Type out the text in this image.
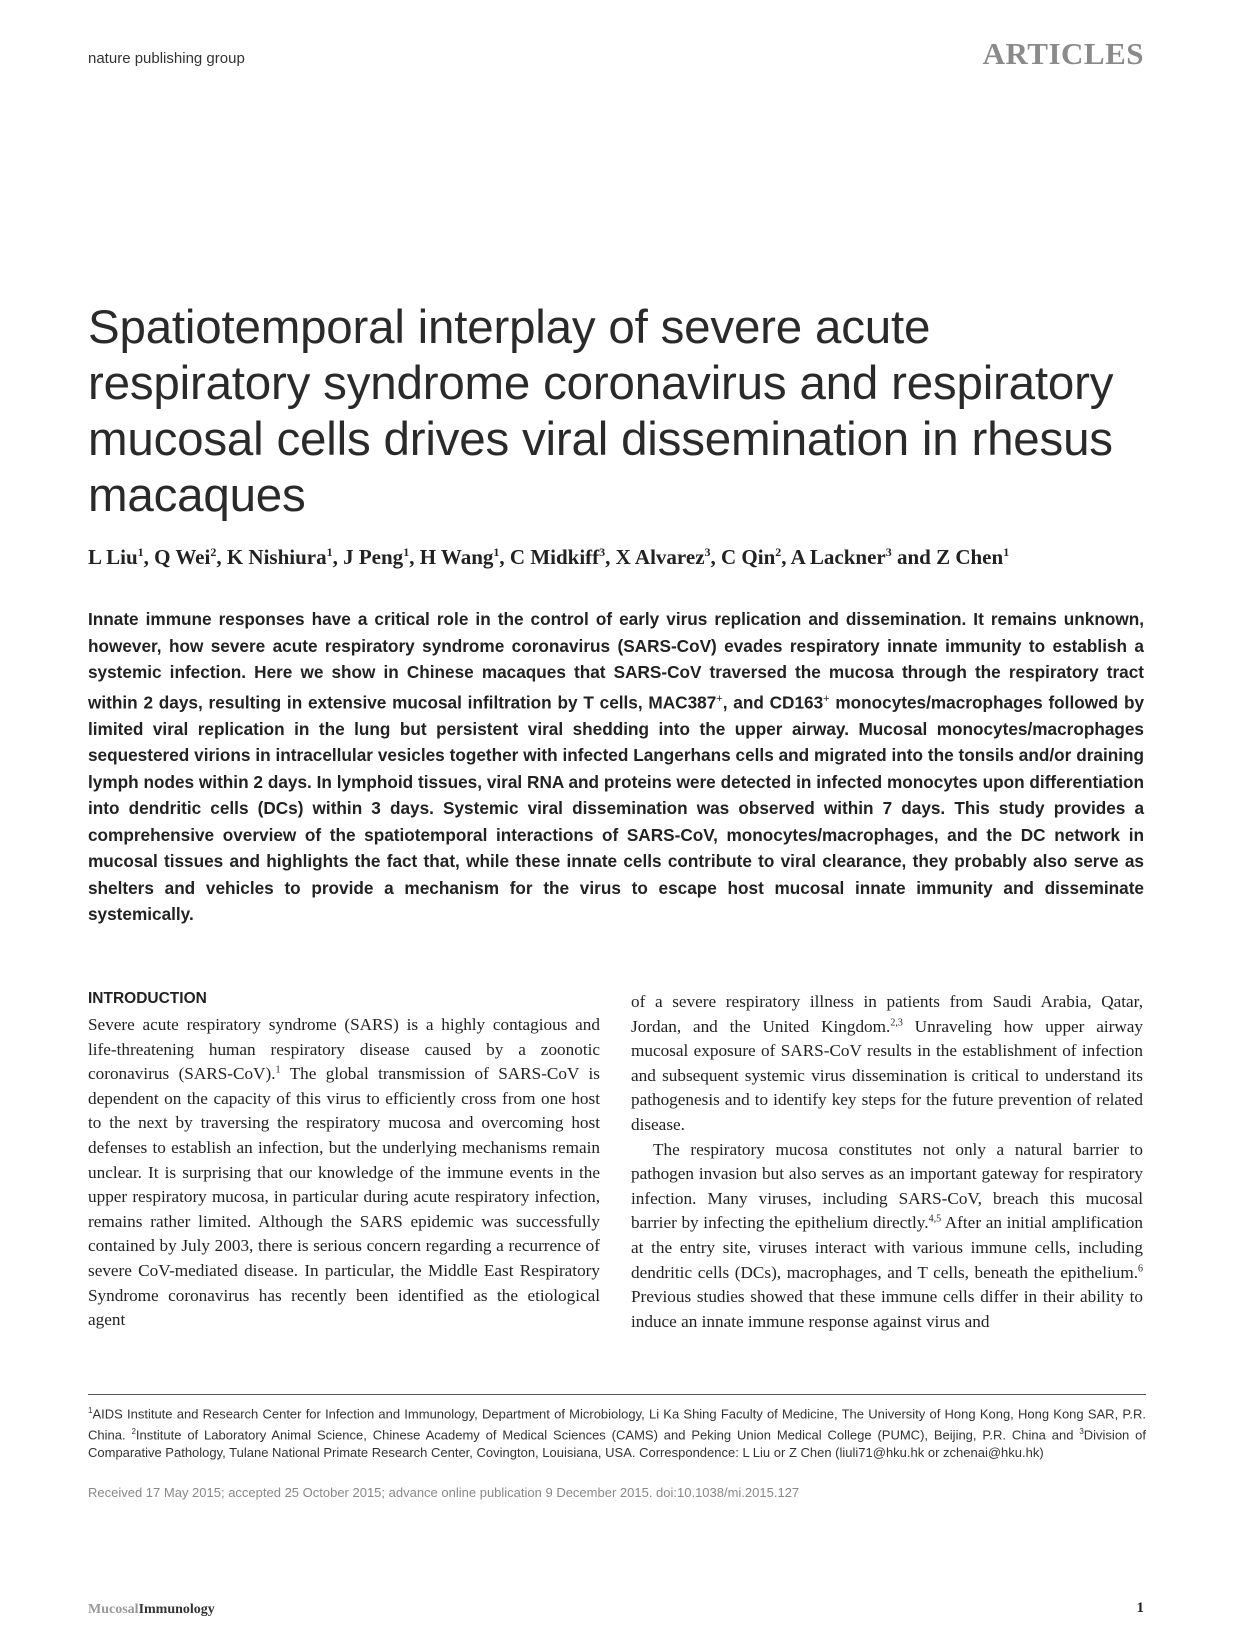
nature publishing group	ARTICLES
Spatiotemporal interplay of severe acute respiratory syndrome coronavirus and respiratory mucosal cells drives viral dissemination in rhesus macaques
L Liu$^1$, Q Wei$^2$, K Nishiura$^1$, J Peng$^1$, H Wang$^1$, C Midkiff$^3$, X Alvarez$^3$, C Qin$^2$, A Lackner$^3$ and Z Chen$^1$

Innate immune responses have a critical role in the control of early virus replication and dissemination. It remains unknown, however, how severe acute respiratory syndrome coronavirus (SARS-CoV) evades respiratory innate immunity to establish a systemic infection. Here we show in Chinese macaques that SARS-CoV traversed the mucosa through the respiratory tract within 2 days, resulting in extensive mucosal infiltration by T cells, MAC387+, and CD163+ monocytes/macrophages followed by limited viral replication in the lung but persistent viral shedding into the upper airway. Mucosal monocytes/macrophages sequestered virions in intracellular vesicles together with infected Langerhans cells and migrated into the tonsils and/or draining lymph nodes within 2 days. In lymphoid tissues, viral RNA and proteins were detected in infected monocytes upon differentiation into dendritic cells (DCs) within 3 days. Systemic viral dissemination was observed within 7 days. This study provides a comprehensive overview of the spatiotemporal interactions of SARS-CoV, monocytes/macrophages, and the DC network in mucosal tissues and highlights the fact that, while these innate cells contribute to viral clearance, they probably also serve as shelters and vehicles to provide a mechanism for the virus to escape host mucosal innate immunity and disseminate systemically.

INTRODUCTION

Severe acute respiratory syndrome (SARS) is a highly contagious and life-threatening human respiratory disease caused by a zoonotic coronavirus (SARS-CoV).$^1$ The global transmission of SARS-CoV is dependent on the capacity of this virus to efficiently cross from one host to the next by traversing the respiratory mucosa and overcoming host defenses to establish an infection, but the underlying mechanisms remain unclear. It is surprising that our knowledge of the immune events in the upper respiratory mucosa, in particular during acute respiratory infection, remains rather limited. Although the SARS epidemic was successfully contained by July 2003, there is serious concern regarding a recurrence of severe CoV-mediated disease. In particular, the Middle East Respiratory Syndrome coronavirus has recently been identified as the etiological agent

of a severe respiratory illness in patients from Saudi Arabia, Qatar, Jordan, and the United Kingdom.$^{2,3}$ Unraveling how upper airway mucosal exposure of SARS-CoV results in the establishment of infection and subsequent systemic virus dissemination is critical to understand its pathogenesis and to identify key steps for the future prevention of related disease.

The respiratory mucosa constitutes not only a natural barrier to pathogen invasion but also serves as an important gateway for respiratory infection. Many viruses, including SARS-CoV, breach this mucosal barrier by infecting the epithelium directly.$^{4,5}$ After an initial amplification at the entry site, viruses interact with various immune cells, including dendritic cells (DCs), macrophages, and T cells, beneath the epithelium.$^6$ Previous studies showed that these immune cells differ in their ability to induce an innate immune response against virus and

$^1$AIDS Institute and Research Center for Infection and Immunology, Department of Microbiology, Li Ka Shing Faculty of Medicine, The University of Hong Kong, Hong Kong SAR, P.R. China. $^2$Institute of Laboratory Animal Science, Chinese Academy of Medical Sciences (CAMS) and Peking Union Medical College (PUMC), Beijing, P.R. China and $^3$Division of Comparative Pathology, Tulane National Primate Research Center, Covington, Louisiana, USA. Correspondence: L Liu or Z Chen (liuli71@hku.hk or zchenai@hku.hk)

Received 17 May 2015; accepted 25 October 2015; advance online publication 9 December 2015. doi:10.1038/mi.2015.127
MucosalImmunology	1
